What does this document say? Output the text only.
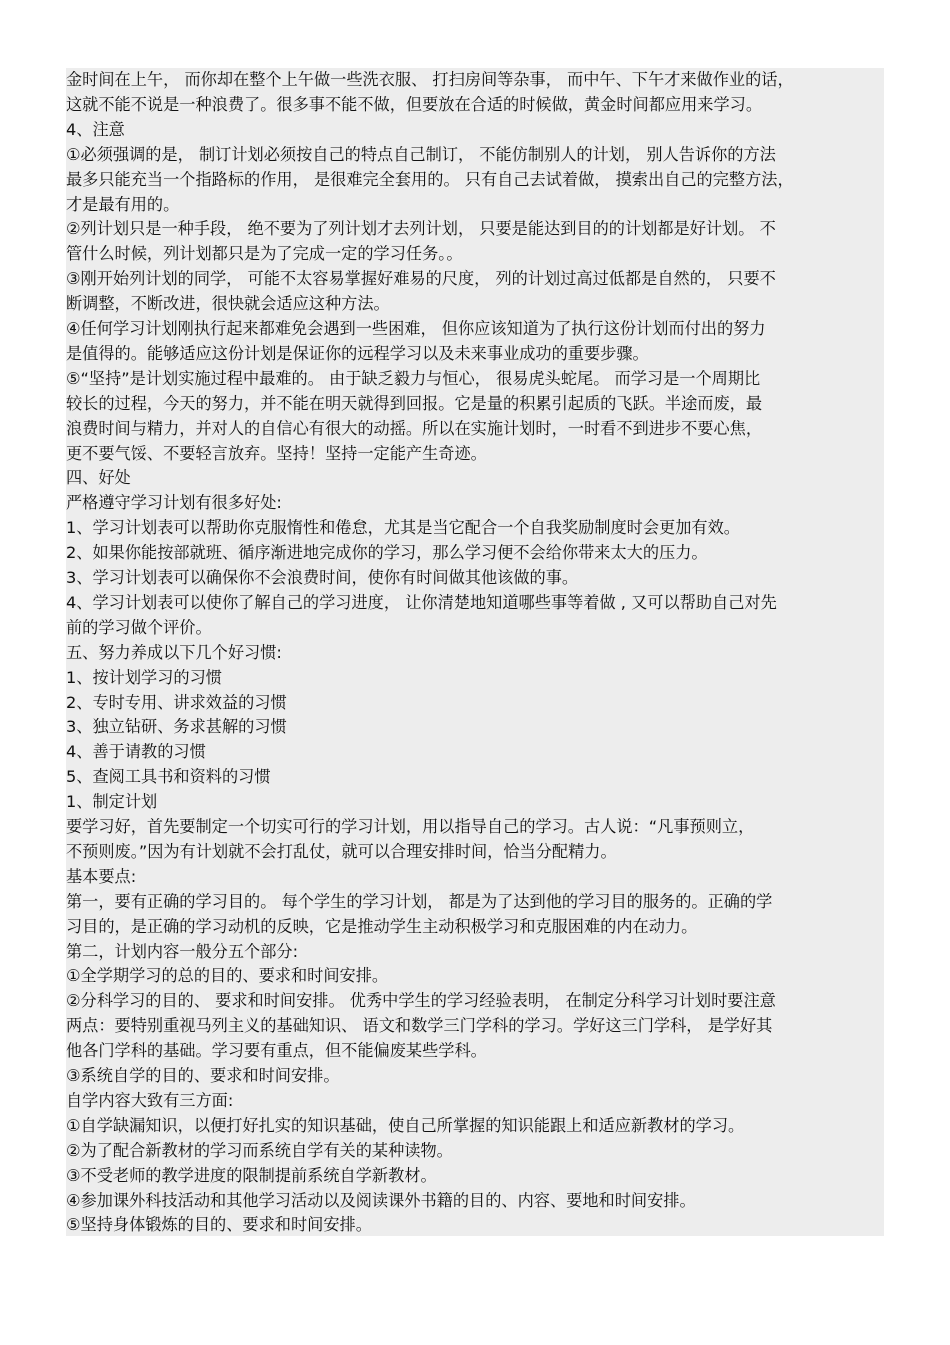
金时间在上午， 而你却在整个上午做一些洗衣服、 打扫房间等杂事， 而中午、下午才来做作业的话，
这就不能不说是一种浪费了。很多事不能不做，但要放在合适的时候做，黄金时间都应用来学习。
4、注意
①必须强调的是， 制订计划必须按自己的特点自己制订， 不能仿制别人的计划， 别人告诉你的方法
最多只能充当一个指路标的作用， 是很难完全套用的。 只有自己去试着做， 摸索出自己的完整方法，
才是最有用的。
②列计划只是一种手段， 绝不要为了列计划才去列计划， 只要是能达到目的的计划都是好计划。 不
管什么时候，列计划都只是为了完成一定的学习任务。。
③刚开始列计划的同学， 可能不太容易掌握好难易的尺度， 列的计划过高过低都是自然的， 只要不
断调整，不断改进，很快就会适应这种方法。
④任何学习计划刚执行起来都难免会遇到一些困难， 但你应该知道为了执行这份计划而付出的努力
是值得的。能够适应这份计划是保证你的远程学习以及未来事业成功的重要步骤。
⑤“坚持”是计划实施过程中最难的。 由于缺乏毅力与恒心， 很易虎头蛇尾。 而学习是一个周期比
较长的过程，今天的努力，并不能在明天就得到回报。它是量的积累引起质的飞跃。半途而废，最
浪费时间与精力，并对人的自信心有很大的动摇。所以在实施计划时，一时看不到进步不要心焦，
更不要气馁、不要轻言放弃。坚持！坚持一定能产生奇迹。
四、好处
严格遵守学习计划有很多好处:
1、学习计划表可以帮助你克服惰性和倦怠，尤其是当它配合一个自我奖励制度时会更加有效。
2、如果你能按部就班、循序渐进地完成你的学习，那么学习便不会给你带来太大的压力。
3、学习计划表可以确保你不会浪费时间，使你有时间做其他该做的事。
4、学习计划表可以使你了解自己的学习进度， 让你清楚地知道哪些事等着做 , 又可以帮助自己对先
前的学习做个评价。
五、努力养成以下几个好习惯:
1、按计划学习的习惯
2、专时专用、讲求效益的习惯
3、独立钻研、务求甚解的习惯
4、善于请教的习惯
5、查阅工具书和资料的习惯
1、制定计划
要学习好，首先要制定一个切实可行的学习计划，用以指导自己的学习。古人说：“凡事预则立，
不预则废。”因为有计划就不会打乱仗，就可以合理安排时间，恰当分配精力。
基本要点:
第一，要有正确的学习目的。 每个学生的学习计划， 都是为了达到他的学习目的服务的。正确的学
习目的，是正确的学习动机的反映，它是推动学生主动积极学习和克服困难的内在动力。
第二，计划内容一般分五个部分:
①全学期学习的总的目的、要求和时间安排。
②分科学习的目的、 要求和时间安排。 优秀中学生的学习经验表明， 在制定分科学习计划时要注意
两点：要特别重视马列主义的基础知识、 语文和数学三门学科的学习。学好这三门学科， 是学好其
他各门学科的基础。学习要有重点，但不能偏废某些学科。
③系统自学的目的、要求和时间安排。
自学内容大致有三方面:
①自学缺漏知识，以便打好扎实的知识基础，使自己所掌握的知识能跟上和适应新教材的学习。
②为了配合新教材的学习而系统自学有关的某种读物。
③不受老师的教学进度的限制提前系统自学新教材。
④参加课外科技活动和其他学习活动以及阅读课外书籍的目的、内容、要地和时间安排。
⑤坚持身体锻炼的目的、要求和时间安排。
